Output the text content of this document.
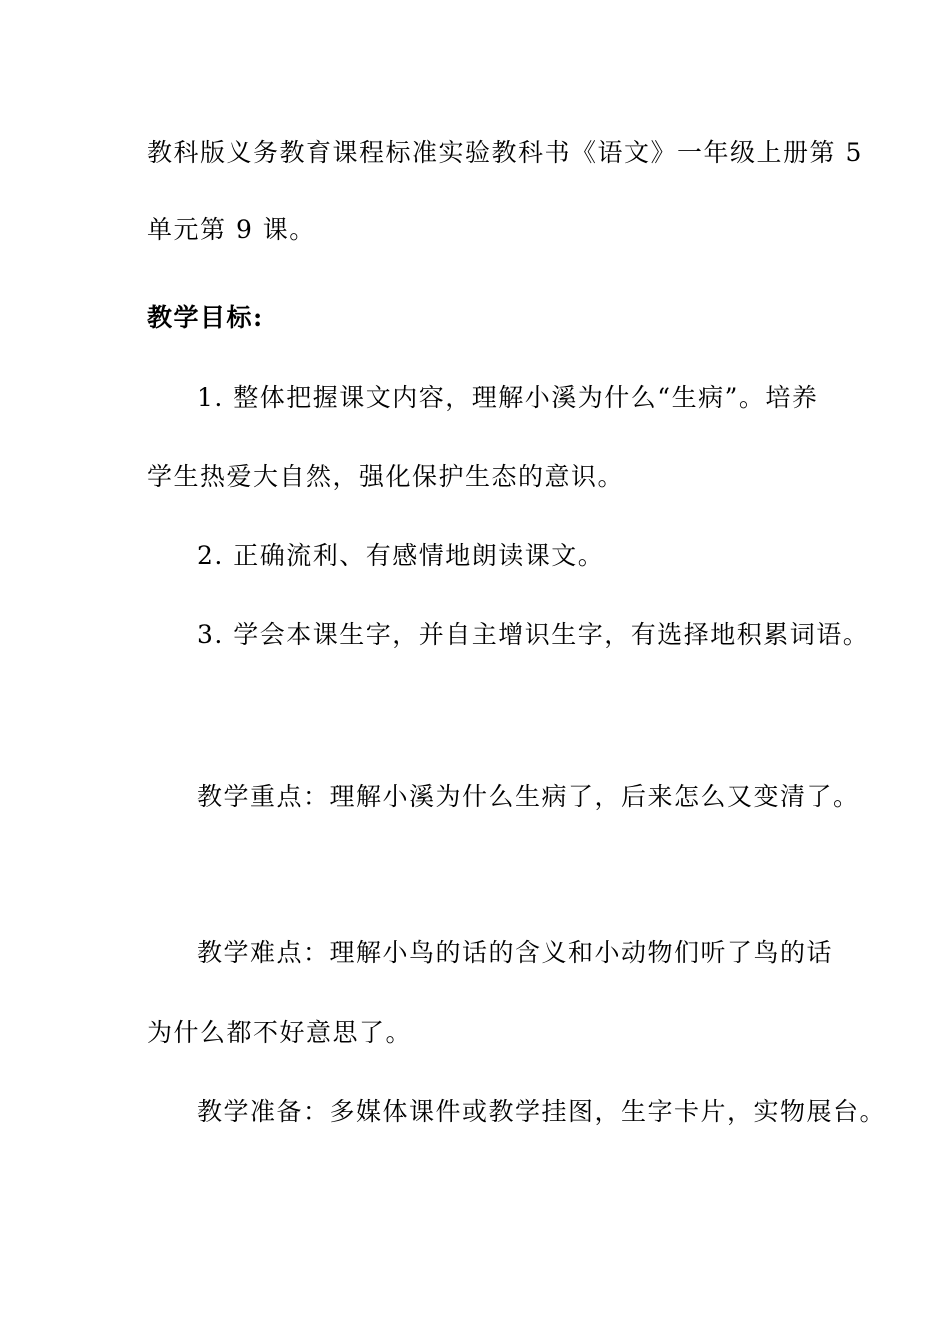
教科版义务教育课程标准实验教科书《语文》一年级上册第 5
单元第 9 课。
教学目标:
1. 整体把握课文内容，理解小溪为什么“生病”。培养
学生热爱大自然，强化保护生态的意识。
2. 正确流利、有感情地朗读课文。
3. 学会本课生字，并自主增识生字，有选择地积累词语。
教学重点：理解小溪为什么生病了，后来怎么又变清了。
教学难点：理解小鸟的话的含义和小动物们听了鸟的话
为什么都不好意思了。
教学准备：多媒体课件或教学挂图，生字卡片，实物展台。
